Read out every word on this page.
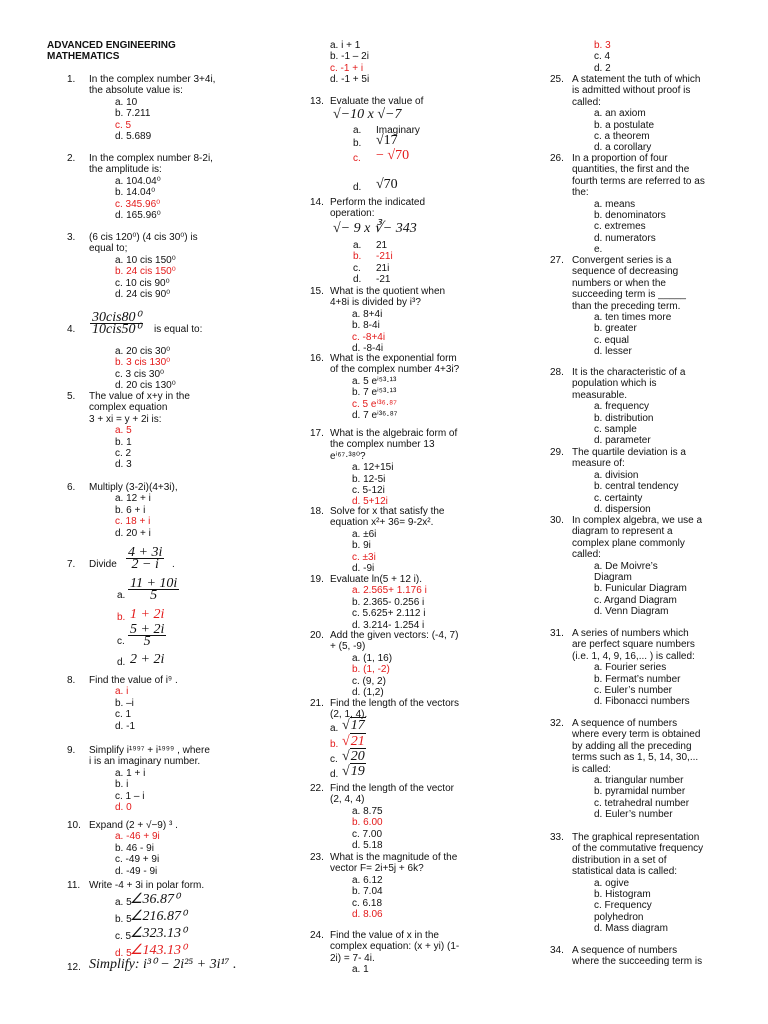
ADVANCED ENGINEERING
MATHEMATICS
1. In the complex number 3+4i,
the absolute value is:
a. 10
b. 7.211
c. 5
d. 5.689
2. In the complex number 8-2i,
the amplitude is:
a. 104.04⁰
b. 14.04⁰
c. 345.96⁰
d. 165.96⁰
3. (6 cis 120⁰) (4 cis 30⁰) is
equal to;
a. 10 cis 150⁰
b. 24 cis 150⁰
c. 10 cis 90⁰
d. 24 cis 90⁰
5. The value of x+y in the
complex equation
3 + xi = y + 2i is:
a. 5
b. 1
c. 2
d. 3
6. Multiply (3-2i)(4+3i),
a. 12 + i
b. 6 + i
c. 18 + i
d. 20 + i
8. Find the value of i⁹ .
a. i
b. –i
c. 1
d. -1
9. Simplify i¹⁹⁹⁷ + i¹⁹⁹⁹ , where
i is an imaginary number.
a. 1 + i
b. i
c. 1 – i
d. 0
10. Expand (2 + √−9) ³ .
a. -46 + 9i
b. 46 - 9i
c. -49 + 9i
d. -49 - 9i
4. $\frac{\text{30cis80⁰}}{\text{10cis50⁰}}$ is equal to:
a. 20 cis 30⁰
b. 3 cis 130⁰
c. 3 cis 30⁰
d. 20 cis 130⁰
7. Divide $\frac{4 + 3i}{2 - i}$ .
a. $\frac{11 + 10i}{5}$
b. 1 + 2i
c. $\frac{5 + 2i}{5}$
d. 2 + 2i
11. Write -4 + 3i in polar form.
a. 5
∠36.87⁰
b. 5
∠216.87⁰
c. 5
∠323.13⁰
d. 5
∠143.13⁰
12. Simplify: i³⁰ − 2i²⁵ + 3i¹⁷ .
a. i + 1
b. -1 – 2i
c. -1 + i
d. -1 + 5i
13. Evaluate the value of
√−10 x √−7
a. Imaginary
b. √17
c. − √70
d. √70
14. Perform the indicated
operation:
√− 9 x ∛− 343
a. 21
b. -21i
c. 21i
d. -21
15. What is the quotient when
4+8i is divided by i³?
a. 8+4i
b. 8-4i
c. -8+4i
d. -8-4i
16. What is the exponential form
of the complex number 4+3i?
a. 5 eⁱ⁵³·¹³
b. 7 eⁱ⁵³·¹³
c. 5 eⁱ³⁶·⁸⁷
d. 7 eⁱ³⁶·⁸⁷
17. What is the algebraic form of
the complex number 13
eⁱ⁶⁷·³⁸⁰?
a. 12+15i
b. 12-5i
c. 5-12i
d. 5+12i
18. Solve for x that satisfy the
equation x²+ 36= 9-2x².
a. ±6i
b. 9i
c. ±3i
d. -9i
19. Evaluate ln(5 + 12 i).
a. 2.565+ 1.176 i
b. 2.365- 0.256 i
c. 5.625+ 2.112 i
d. 3.214- 1.254 i
20. Add the given vectors: (-4, 7)
+ (5, -9)
a. (1, 16)
b. (1, -2)
c. (9, 2)
d. (1,2)
21. Find the length of the vectors
(2, 1, 4).
a. √17
b. √21
c. √20
d. √19
22. Find the length of the vector
(2, 4, 4)
a. 8.75
b. 6.00
c. 7.00
d. 5.18
23. What is the magnitude of the
vector F= 2i+5j + 6k?
a. 6.12
b. 7.04
c. 6.18
d. 8.06
24. Find the value of x in the
complex equation: (x + yi) (1-
2i) = 7- 4i.
a. 1
b. 3
c. 4
d. 2
25. A statement the tuth of which
is admitted without proof is
called:
a. an axiom
b. a postulate
c. a theorem
d. a corollary
26. In a proportion of four
quantities, the first and the
fourth terms are referred to as
the:
a. means
b. denominators
c. extremes
d. numerators
e.
27. Convergent series is a
sequence of decreasing
numbers or when the
succeeding term is _____
than the preceding term.
a. ten times more
b. greater
c. equal
d. lesser
28. It is the characteristic of a
population which is
measurable.
a. frequency
b. distribution
c. sample
d. parameter
29. The quartile deviation is a
measure of:
a. division
b. central tendency
c. certainty
d. dispersion
30. In complex algebra, we use a
diagram to represent a
complex plane commonly
called:
a. De Moivre’s
Diagram
b. Funicular Diagram
c. Argand Diagram
d. Venn Diagram
31. A series of numbers which
are perfect square numbers
(i.e. 1, 4, 9, 16,... ) is called:
a. Fourier series
b. Fermat’s number
c. Euler’s number
d. Fibonacci numbers
32. A sequence of numbers
where every term is obtained
by adding all the preceding
terms such as 1, 5, 14, 30,...
is called:
a. triangular number
b. pyramidal number
c. tetrahedral number
d. Euler’s number
33. The graphical representation
of the commutative frequency
distribution in a set of
statistical data is called:
a. ogive
b. Histogram
c. Frequency
polyhedron
d. Mass diagram
34. A sequence of numbers
where the succeeding term is
